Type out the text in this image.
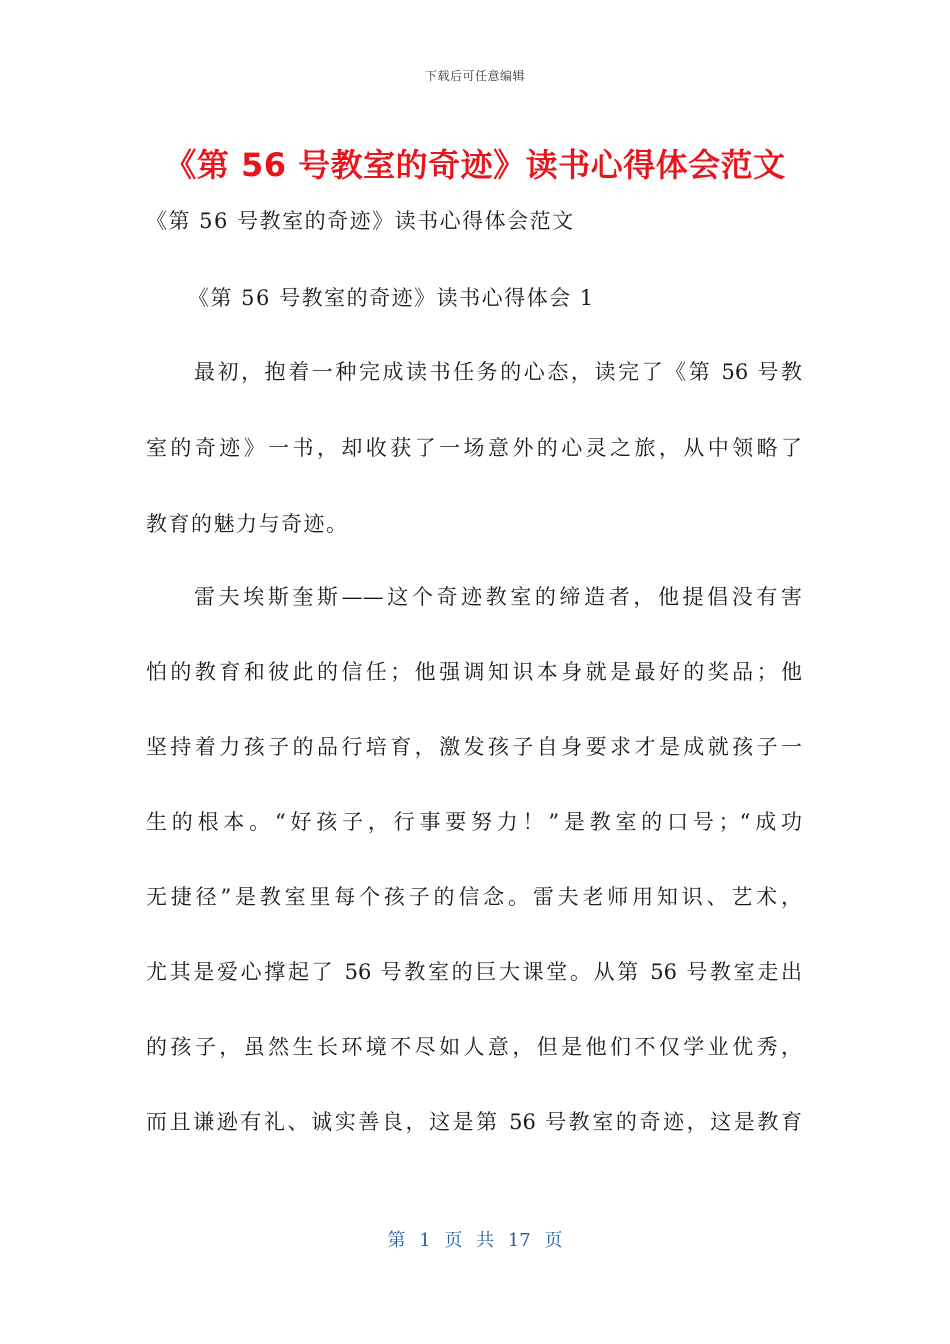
下载后可任意编辑
《第 56 号教室的奇迹》读书心得体会范文
《第 56 号教室的奇迹》读书心得体会范文
《第 56 号教室的奇迹》读书心得体会 1
最初，抱着一种完成读书任务的心态，读完了《第 56 号教
室的奇迹》一书，却收获了一场意外的心灵之旅，从中领略了
教育的魅力与奇迹。
雷夫埃斯奎斯——这个奇迹教室的缔造者，他提倡没有害
怕的教育和彼此的信任；他强调知识本身就是最好的奖品；他
坚持着力孩子的品行培育，激发孩子自身要求才是成就孩子一
生的根本。“好孩子，行事要努力！”是教室的口号；“成功
无捷径”是教室里每个孩子的信念。雷夫老师用知识、艺术，
尤其是爱心撑起了 56 号教室的巨大课堂。从第 56 号教室走出
的孩子，虽然生长环境不尽如人意，但是他们不仅学业优秀，
而且谦逊有礼、诚实善良，这是第 56 号教室的奇迹，这是教育
第 1 页 共 17 页
